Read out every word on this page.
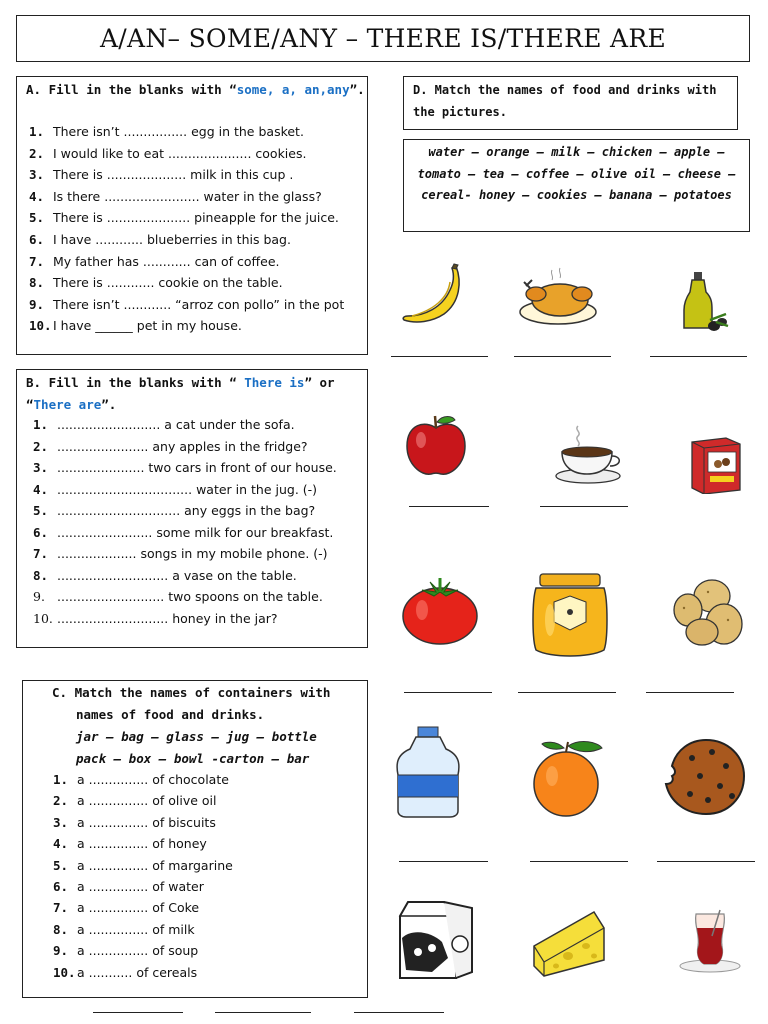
A/AN– SOME/ANY – THERE IS/THERE ARE
A. Fill in the blanks with “some, a, an,any”.
1. There isn’t ................ egg in the basket.
2. I would like to eat ..................... cookies.
3. There is .................... milk in this cup .
4. Is there ........................ water in the glass?
5. There is ..................... pineapple for the juice.
6. I have ............ blueberries in this bag.
7. My father has ............ can of coffee.
8. There is ............ cookie on the table.
9. There isn’t ............ “arroz con pollo” in the pot
10.I have ______ pet in my house.
B. Fill in the blanks with “ There is” or “There are”.
1. .......................... a cat under the sofa.
2. ....................... any apples in the fridge?
3. ...................... two cars in front of our house.
4. .................................. water in the jug. (-)
5. ............................... any eggs in the bag?
6. ........................ some milk for our breakfast.
7. .................... songs in my mobile phone. (-)
8. ............................ a vase on the table.
9. ........................... two spoons on the table.
10. ............................ honey in the jar?
C. Match the names of containers with
names of food and drinks.
jar – bag – glass – jug – bottle
pack – box – bowl -carton – bar
1. a ............... of chocolate
2. a ............... of olive oil
3. a ............... of biscuits
4. a ............... of honey
5. a ............... of margarine
6. a ............... of water
7. a ............... of Coke
8. a ............... of milk
9. a ............... of soup
10.a ........... of cereals
D. Match the names of food and drinks with
the pictures.
water – orange – milk – chicken – apple –
tomato – tea – coffee – olive oil – cheese –
cereal- honey – cookies – banana – potatoes
